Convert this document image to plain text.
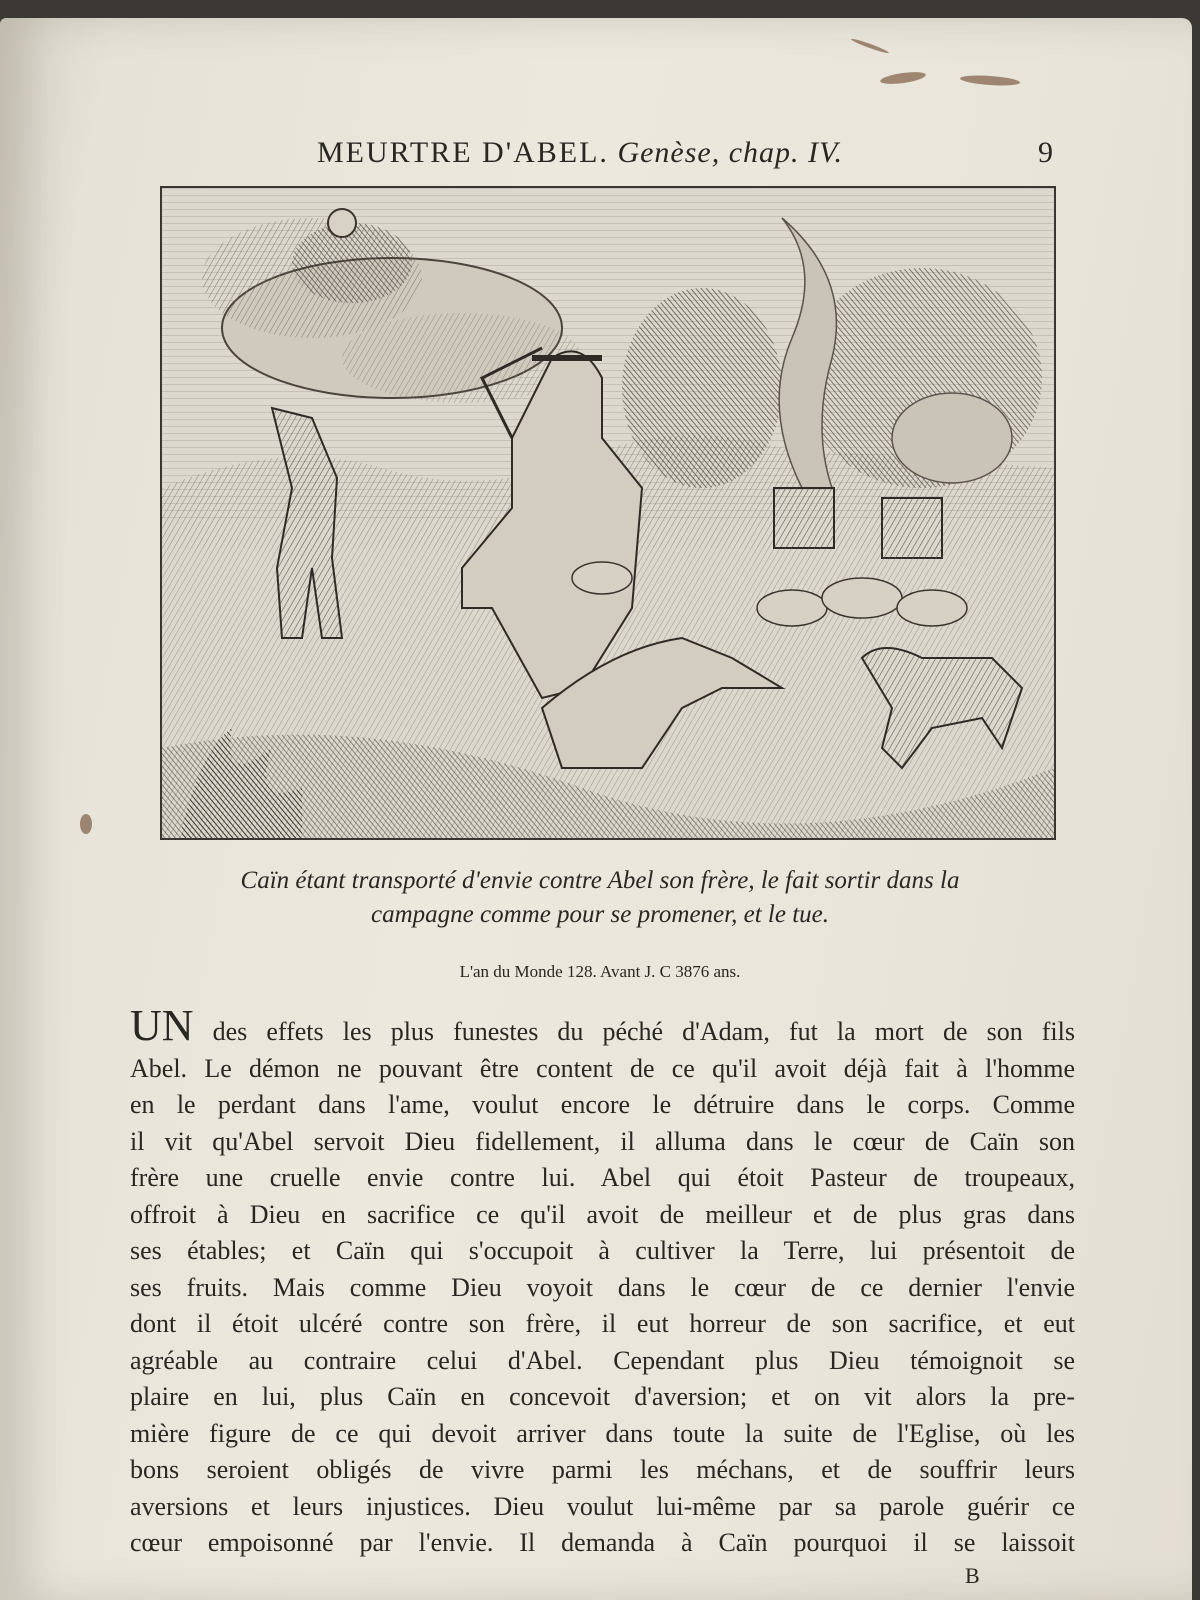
MEURTRE D'ABEL. Genèse, chap. IV.	9
Caïn étant transporté d'envie contre Abel son frère, le fait sortir dans la
campagne comme pour se promener, et le tue.
L'an du Monde 128. Avant J. C 3876 ans.
UN des effets les plus funestes du péché d'Adam, fut la mort de son fils
Abel. Le démon ne pouvant être content de ce qu'il avoit déjà fait à l'homme
en le perdant dans l'ame, voulut encore le détruire dans le corps. Comme
il vit qu'Abel servoit Dieu fidellement, il alluma dans le cœur de Caïn son
frère une cruelle envie contre lui. Abel qui étoit Pasteur de troupeaux,
offroit à Dieu en sacrifice ce qu'il avoit de meilleur et de plus gras dans
ses étables; et Caïn qui s'occupoit à cultiver la Terre, lui présentoit de
ses fruits. Mais comme Dieu voyoit dans le cœur de ce dernier l'envie
dont il étoit ulcéré contre son frère, il eut horreur de son sacrifice, et eut
agréable au contraire celui d'Abel. Cependant plus Dieu témoignoit se
plaire en lui, plus Caïn en concevoit d'aversion; et on vit alors la pre-
mière figure de ce qui devoit arriver dans toute la suite de l'Eglise, où les
bons seroient obligés de vivre parmi les méchans, et de souffrir leurs
aversions et leurs injustices. Dieu voulut lui-même par sa parole guérir ce
cœur empoisonné par l'envie. Il demanda à Caïn pourquoi il se laissoit
B
